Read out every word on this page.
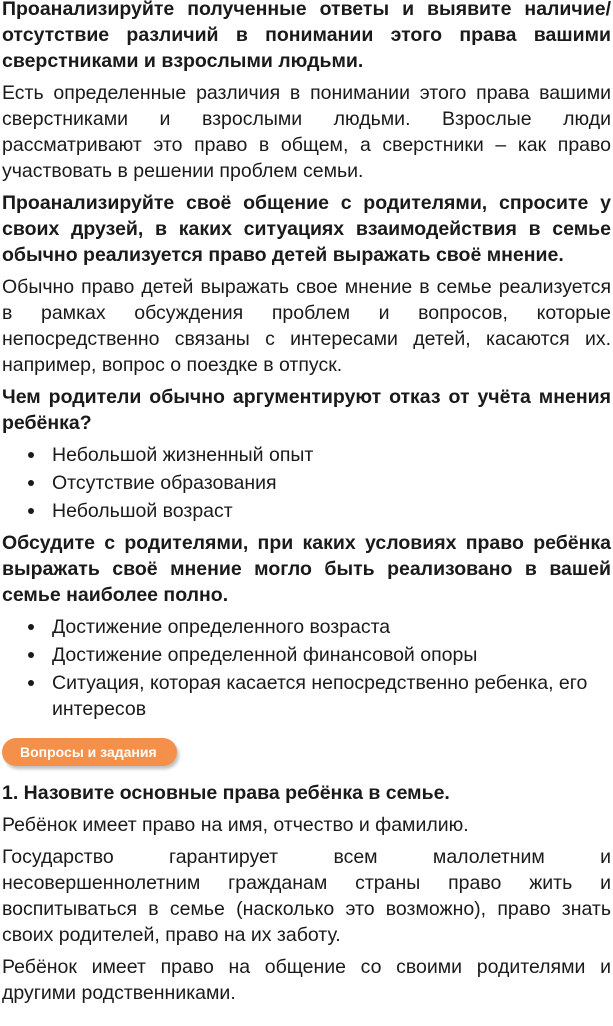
Проанализируйте полученные ответы и выявите наличие/отсутствие различий в понимании этого права вашими сверстниками и взрослыми людьми.

Есть определенные различия в понимании этого права вашими сверстниками и взрослыми людьми. Взрослые люди рассматривают это право в общем, а сверстники – как право участвовать в решении проблем семьи.

Проанализируйте своё общение с родителями, спросите у своих друзей, в каких ситуациях взаимодействия в семье обычно реализуется право детей выражать своё мнение.

Обычно право детей выражать свое мнение в семье реализуется в рамках обсуждения проблем и вопросов, которые непосредственно связаны с интересами детей, касаются их. например, вопрос о поездке в отпуск.

Чем родители обычно аргументируют отказ от учёта мнения ребёнка?

Небольшой жизненный опыт
Отсутствие образования
Небольшой возраст

Обсудите с родителями, при каких условиях право ребёнка выражать своё мнение могло быть реализовано в вашей семье наиболее полно.

Достижение определенного возраста
Достижение определенной финансовой опоры
Ситуация, которая касается непосредственно ребенка, его интересов
Вопросы и задания

1. Назовите основные права ребёнка в семье.

Ребёнок имеет право на имя, отчество и фамилию.

Государство гарантирует всем малолетним и несовершеннолетним гражданам страны право жить и воспитываться в семье (насколько это возможно), право знать своих родителей, право на их заботу.

Ребёнок имеет право на общение со своими родителями и другими родственниками.
